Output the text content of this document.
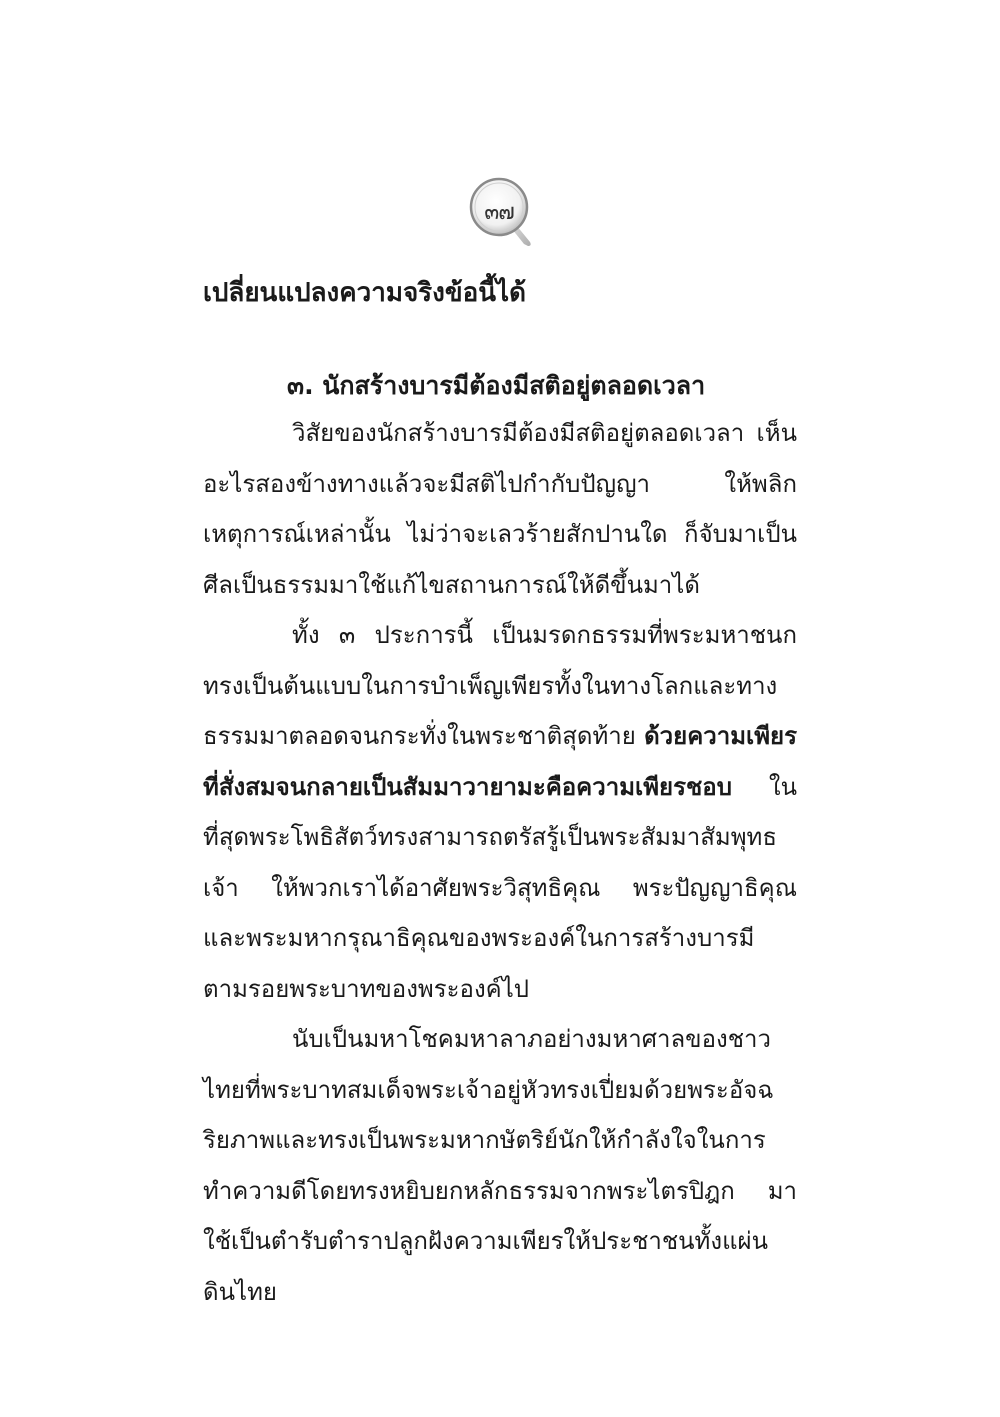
๓๗
เปลี่ยนแปลงความจริงข้อนี้ได้
๓. นักสร้างบารมีต้องมีสติอยู่ตลอดเวลา

วิสัยของนักสร้างบารมีต้องมีสติอยู่ตลอดเวลา เห็นอะไรสองข้างทางแล้วจะมีสติไปกำกับปัญญา ให้พลิกเหตุการณ์เหล่านั้น ไม่ว่าจะเลวร้ายสักปานใด ก็จับมาเป็นศีลเป็นธรรมมาใช้แก้ไขสถานการณ์ให้ดีขึ้นมาได้

ทั้ง ๓ ประการนี้ เป็นมรดกธรรมที่พระมหาชนกทรงเป็นต้นแบบในการบำเพ็ญเพียรทั้งในทางโลกและทางธรรมมาตลอดจนกระทั่งในพระชาติสุดท้าย ด้วยความเพียรที่สั่งสมจนกลายเป็นสัมมาวายามะคือความเพียรชอบ ในที่สุดพระโพธิสัตว์ทรงสามารถตรัสรู้เป็นพระสัมมาสัมพุทธเจ้า ให้พวกเราได้อาศัยพระวิสุทธิคุณ พระปัญญาธิคุณ และพระมหากรุณาธิคุณของพระองค์ในการสร้างบารมีตามรอยพระบาทของพระองค์ไป

นับเป็นมหาโชคมหาลาภอย่างมหาศาลของชาวไทยที่พระบาทสมเด็จพระเจ้าอยู่หัวทรงเปี่ยมด้วยพระอัจฉริยภาพและทรงเป็นพระมหากษัตริย์นักให้กำลังใจในการทำความดีโดยทรงหยิบยกหลักธรรมจากพระไตรปิฎก มาใช้เป็นตำรับตำราปลูกฝังความเพียรให้ประชาชนทั้งแผ่นดินไทย
